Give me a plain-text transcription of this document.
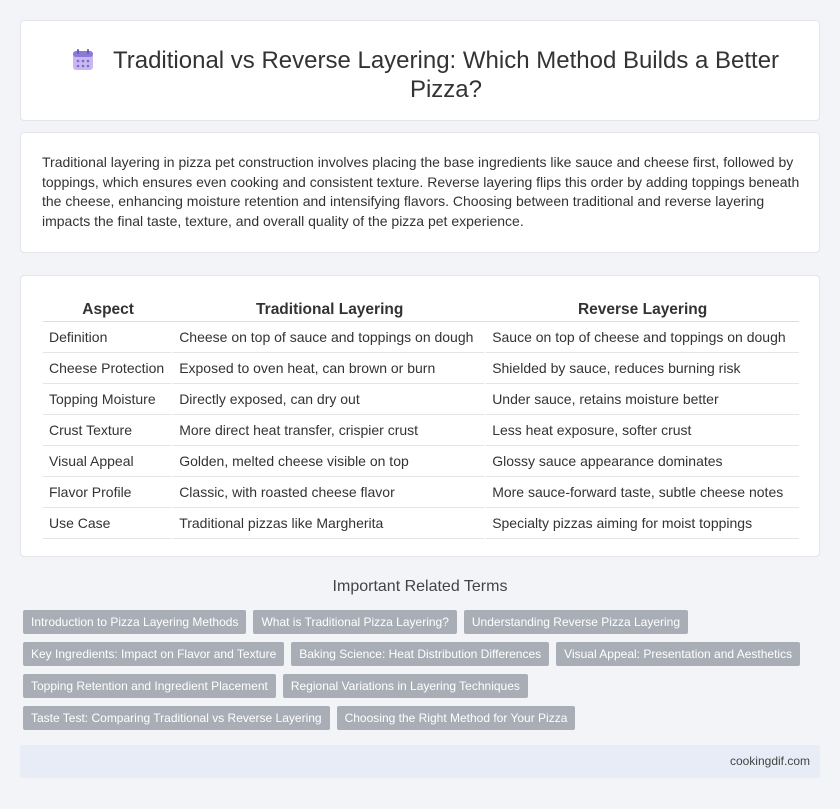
Traditional vs Reverse Layering: Which Method Builds a Better Pizza?

Traditional layering in pizza pet construction involves placing the base ingredients like sauce and cheese first, followed by toppings, which ensures even cooking and consistent texture. Reverse layering flips this order by adding toppings beneath the cheese, enhancing moisture retention and intensifying flavors. Choosing between traditional and reverse layering impacts the final taste, texture, and overall quality of the pizza pet experience.

Aspect	Traditional Layering	Reverse Layering
Definition	Cheese on top of sauce and toppings on dough	Sauce on top of cheese and toppings on dough
Cheese Protection	Exposed to oven heat, can brown or burn	Shielded by sauce, reduces burning risk
Topping Moisture	Directly exposed, can dry out	Under sauce, retains moisture better
Crust Texture	More direct heat transfer, crispier crust	Less heat exposure, softer crust
Visual Appeal	Golden, melted cheese visible on top	Glossy sauce appearance dominates
Flavor Profile	Classic, with roasted cheese flavor	More sauce-forward taste, subtle cheese notes
Use Case	Traditional pizzas like Margherita	Specialty pizzas aiming for moist toppings
Important Related Terms
Introduction to Pizza Layering Methods	What is Traditional Pizza Layering?	Understanding Reverse Pizza Layering
Key Ingredients: Impact on Flavor and Texture	Baking Science: Heat Distribution Differences	Visual Appeal: Presentation and Aesthetics
Topping Retention and Ingredient Placement	Regional Variations in Layering Techniques
Taste Test: Comparing Traditional vs Reverse Layering	Choosing the Right Method for Your Pizza
cookingdif.com
